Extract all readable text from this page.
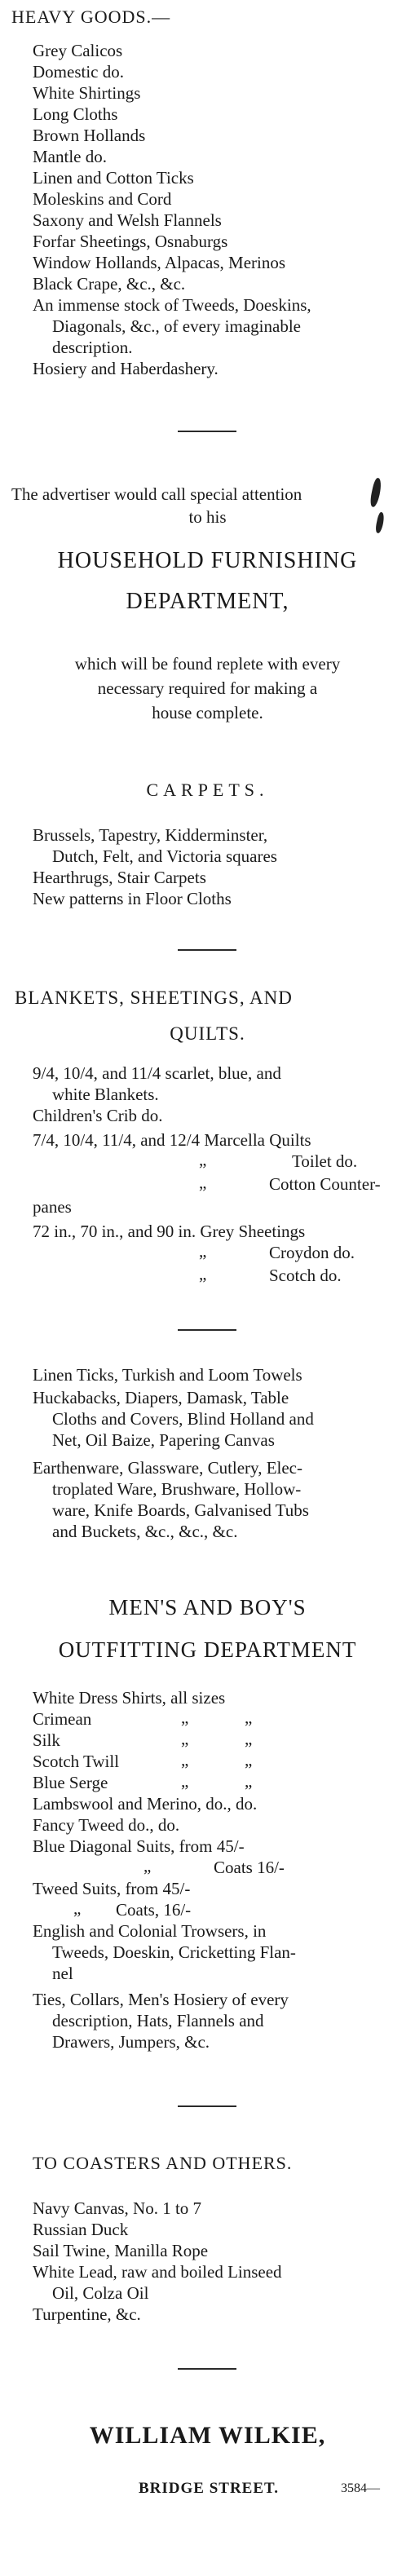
HEAVY GOODS.—
Grey Calicos
Domestic do.
White Shirtings
Long Cloths
Brown Hollands
Mantle do.
Linen and Cotton Ticks
Moleskins and Cord
Saxony and Welsh Flannels
Forfar Sheetings, Osnaburgs
Window Hollands, Alpacas, Merinos
Black Crape, &c., &c.
An immense stock of Tweeds, Doeskins,
Diagonals, &c., of every imaginable
description.
Hosiery and Haberdashery.
The advertiser would call special attention
to his
HOUSEHOLD FURNISHING
DEPARTMENT,
which will be found replete with every
necessary required for making a
house complete.
CARPETS.
Brussels, Tapestry, Kidderminster,
Dutch, Felt, and Victoria squares
Hearthrugs, Stair Carpets
New patterns in Floor Cloths
BLANKETS, SHEETINGS, AND
QUILTS.
9/4, 10/4, and 11/4 scarlet, blue, and
white Blankets.
Children's Crib do.
7/4, 10/4, 11/4, and 12/4 Marcella Quilts
„	Toilet do.
„	Cotton Counter-
panes
72 in., 70 in., and 90 in. Grey Sheetings
„	Croydon do.
„	Scotch do.
Linen Ticks, Turkish and Loom Towels
Huckabacks, Diapers, Damask, Table
Cloths and Covers, Blind Holland and
Net, Oil Baize, Papering Canvas
Earthenware, Glassware, Cutlery, Elec-
troplated Ware, Brushware, Hollow-
ware, Knife Boards, Galvanised Tubs
and Buckets, &c., &c., &c.
MEN'S AND BOY'S
OUTFITTING DEPARTMENT
White Dress Shirts, all sizes
Crimean	„	„
Silk	„	„
Scotch Twill	„	„
Blue Serge	„	„
Lambswool and Merino, do., do.
Fancy Tweed do., do.
Blue Diagonal Suits, from 45/-
„	Coats 16/-
Tweed Suits, from 45/-
„ Coats, 16/-
English and Colonial Trowsers, in
Tweeds, Doeskin, Cricketting Flan-
nel
Ties, Collars, Men's Hosiery of every
description, Hats, Flannels and
Drawers, Jumpers, &c.
TO COASTERS AND OTHERS.
Navy Canvas, No. 1 to 7
Russian Duck
Sail Twine, Manilla Rope
White Lead, raw and boiled Linseed
Oil, Colza Oil
Turpentine, &c.
WILLIAM WILKIE,
BRIDGE STREET.	3584—
